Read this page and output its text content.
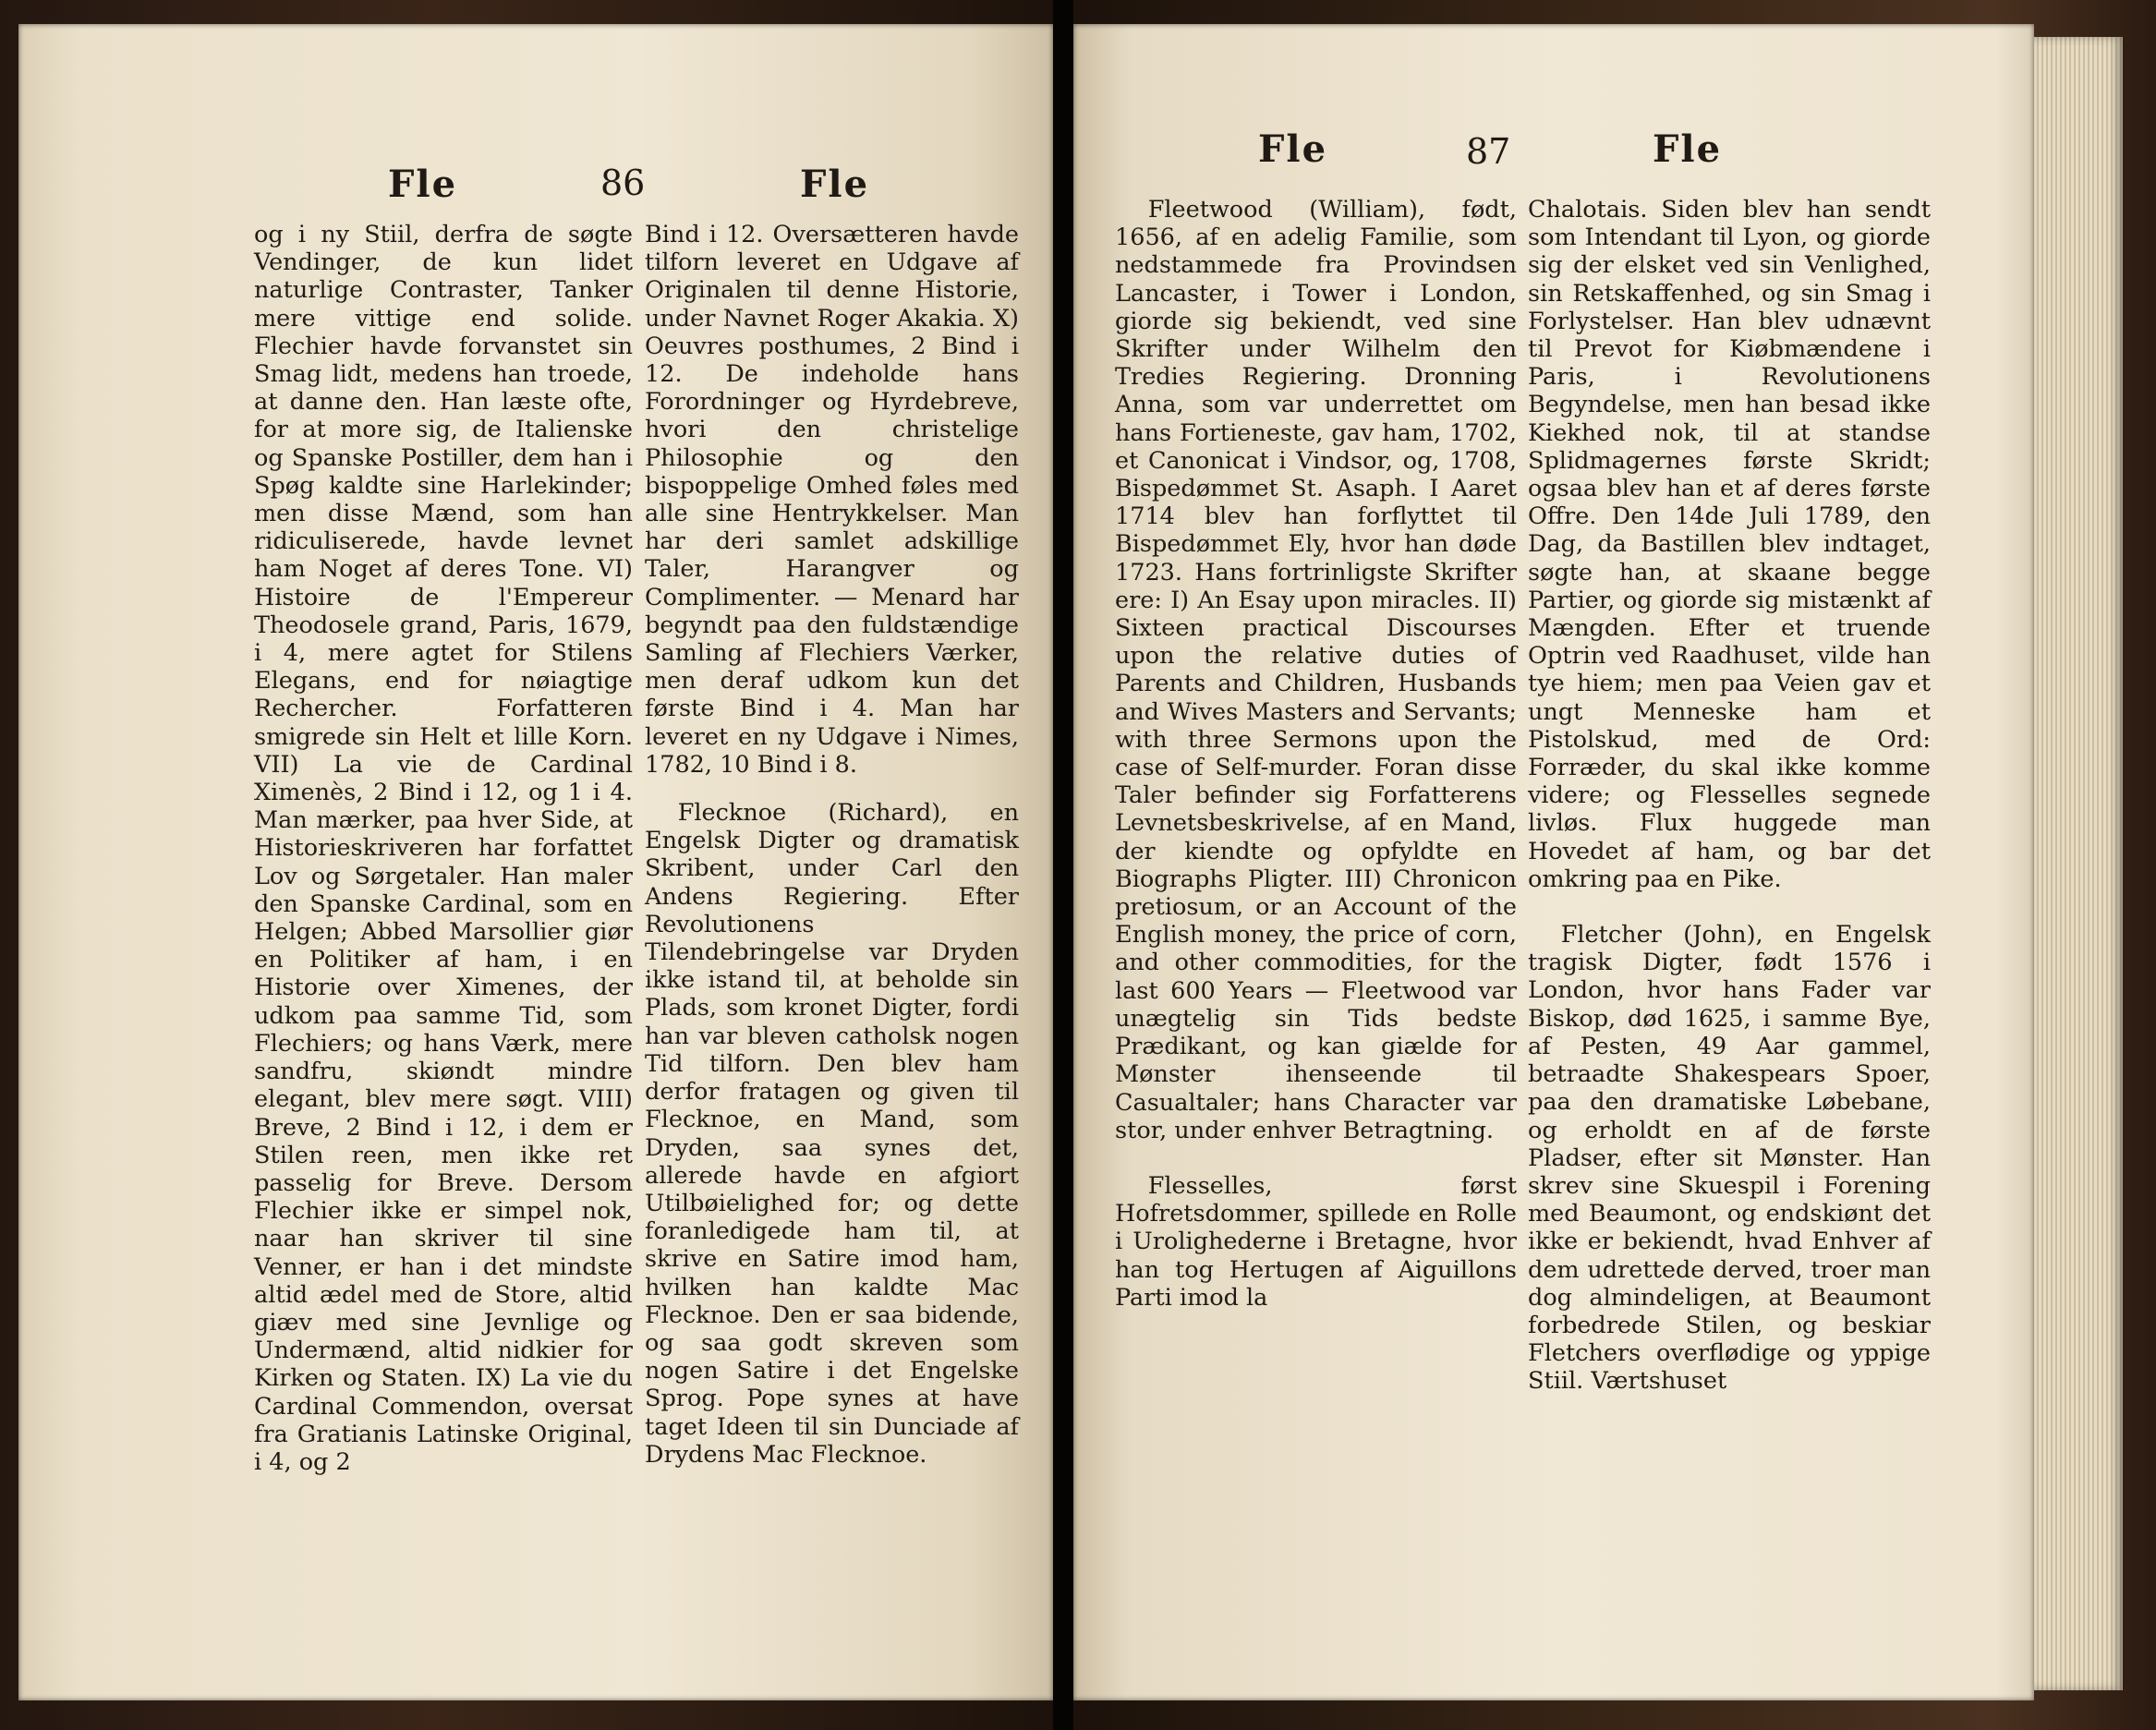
Fle	86	Fle

og i ny Stiil, derfra de søgte Vendinger, de kun lidet naturlige Contraster, Tanker mere vittige end solide. Flechier havde forvanstet sin Smag lidt, medens han troede, at danne den. Han læste ofte, for at more sig, de Italienske og Spanske Postiller, dem han i Spøg kaldte sine Harlekinder; men disse Mænd, som han ridiculiserede, havde levnet ham Noget af deres Tone. VI) Histoire de l'Empereur Theodosele grand, Paris, 1679, i 4, mere agtet for Stilens Elegans, end for nøiagtige Rechercher. Forfatteren smigrede sin Helt et lille Korn. VII) La vie de Cardinal Ximenès, 2 Bind i 12, og 1 i 4. Man mærker, paa hver Side, at Historieskriveren har forfattet Lov og Sørgetaler. Han maler den Spanske Cardinal, som en Helgen; Abbed Marsollier giør en Politiker af ham, i en Historie over Ximenes, der udkom paa samme Tid, som Flechiers; og hans Værk, mere sandfru, skiøndt mindre elegant, blev mere søgt. VIII) Breve, 2 Bind i 12, i dem er Stilen reen, men ikke ret passelig for Breve. Dersom Flechier ikke er simpel nok, naar han skriver til sine Venner, er han i det mindste altid ædel med de Store, altid giæv med sine Jevnlige og Undermænd, altid nidkier for Kirken og Staten. IX) La vie du Cardinal Commendon, oversat fra Gratianis Latinske Original, i 4, og 2

Bind i 12. Oversætteren havde tilforn leveret en Udgave af Originalen til denne Historie, under Navnet Roger Akakia. X) Oeuvres posthumes, 2 Bind i 12. De indeholde hans Forordninger og Hyrdebreve, hvori den christelige Philosophie og den bispoppelige Omhed føles med alle sine Hentrykkelser. Man har deri samlet adskillige Taler, Harangver og Complimenter. — Menard har begyndt paa den fuldstændige Samling af Flechiers Værker, men deraf udkom kun det første Bind i 4. Man har leveret en ny Udgave i Nimes, 1782, 10 Bind i 8.

Flecknoe (Richard), en Engelsk Digter og dramatisk Skribent, under Carl den Andens Regiering. Efter Revolutionens Tilendebringelse var Dryden ikke istand til, at beholde sin Plads, som kronet Digter, fordi han var bleven catholsk nogen Tid tilforn. Den blev ham derfor fratagen og given til Flecknoe, en Mand, som Dryden, saa synes det, allerede havde en afgiort Utilbøielighed for; og dette foranledigede ham til, at skrive en Satire imod ham, hvilken han kaldte Mac Flecknoe. Den er saa bidende, og saa godt skreven som nogen Satire i det Engelske Sprog. Pope synes at have taget Ideen til sin Dunciade af Drydens Mac Flecknoe.

Fle	87	Fle

Fleetwood (William), født, 1656, af en adelig Familie, som nedstammede fra Provindsen Lancaster, i Tower i London, giorde sig bekiendt, ved sine Skrifter under Wilhelm den Tredies Regiering. Dronning Anna, som var underrettet om hans Fortieneste, gav ham, 1702, et Canonicat i Vindsor, og, 1708, Bispedømmet St. Asaph. I Aaret 1714 blev han forflyttet til Bispedømmet Ely, hvor han døde 1723. Hans fortrinligste Skrifter ere: I) An Esay upon miracles. II) Sixteen practical Discourses upon the relative duties of Parents and Children, Husbands and Wives Masters and Servants; with three Sermons upon the case of Self-murder. Foran disse Taler befinder sig Forfatterens Levnetsbeskrivelse, af en Mand, der kiendte og opfyldte en Biographs Pligter. III) Chronicon pretiosum, or an Account of the English money, the price of corn, and other commodities, for the last 600 Years — Fleetwood var unægtelig sin Tids bedste Prædikant, og kan giælde for Mønster ihenseende til Casualtaler; hans Character var stor, under enhver Betragtning.

Flesselles, først Hofretsdommer, spillede en Rolle i Urolighederne i Bretagne, hvor han tog Hertugen af Aiguillons Parti imod la

Chalotais. Siden blev han sendt som Intendant til Lyon, og giorde sig der elsket ved sin Venlighed, sin Retskaffenhed, og sin Smag i Forlystelser. Han blev udnævnt til Prevot for Kiøbmændene i Paris, i Revolutionens Begyndelse, men han besad ikke Kiekhed nok, til at standse Splidmagernes første Skridt; ogsaa blev han et af deres første Offre. Den 14de Juli 1789, den Dag, da Bastillen blev indtaget, søgte han, at skaane begge Partier, og giorde sig mistænkt af Mængden. Efter et truende Optrin ved Raadhuset, vilde han tye hiem; men paa Veien gav et ungt Menneske ham et Pistolskud, med de Ord: Forræder, du skal ikke komme videre; og Flesselles segnede livløs. Flux huggede man Hovedet af ham, og bar det omkring paa en Pike.

Fletcher (John), en Engelsk tragisk Digter, født 1576 i London, hvor hans Fader var Biskop, død 1625, i samme Bye, af Pesten, 49 Aar gammel, betraadte Shakespears Spoer, paa den dramatiske Løbebane, og erholdt en af de første Pladser, efter sit Mønster. Han skrev sine Skuespil i Forening med Beaumont, og endskiønt det ikke er bekiendt, hvad Enhver af dem udrettede derved, troer man dog almindeligen, at Beaumont forbedrede Stilen, og beskiar Fletchers overflødige og yppige Stiil. Værtshuset
